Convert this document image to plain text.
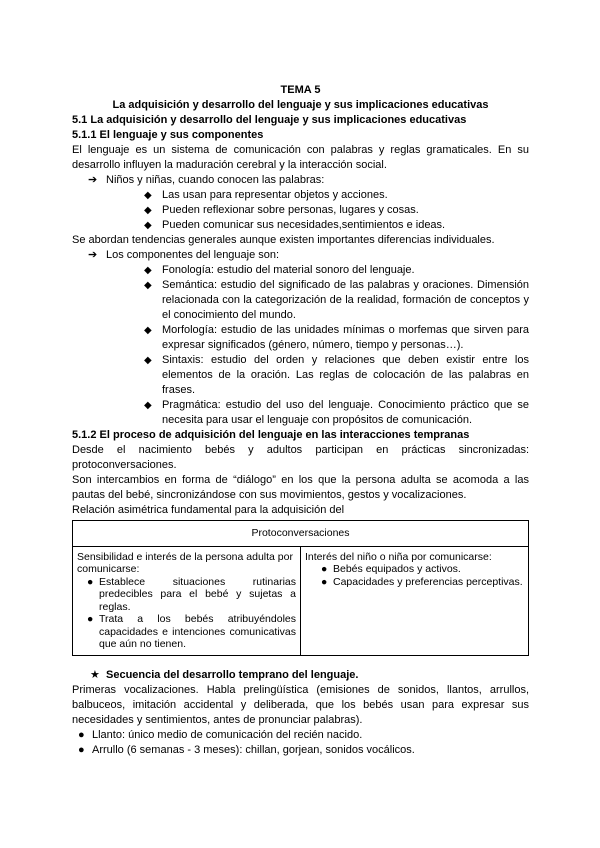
TEMA 5
La adquisición y desarrollo del lenguaje y sus implicaciones educativas
5.1 La adquisición y desarrollo del lenguaje y sus implicaciones educativas
5.1.1 El lenguaje y sus componentes

El lenguaje es un sistema de comunicación con palabras y reglas gramaticales. En su desarrollo influyen la maduración cerebral y la interacción social.

➔ Niños y niñas, cuando conocen las palabras:
◆ Las usan para representar objetos y acciones.
◆ Pueden reflexionar sobre personas, lugares y cosas.
◆ Pueden comunicar sus necesidades,sentimientos e ideas.

Se abordan tendencias generales aunque existen importantes diferencias individuales.

➔ Los componentes del lenguaje son:
◆ Fonología: estudio del material sonoro del lenguaje.
◆ Semántica: estudio del significado de las palabras y oraciones. Dimensión relacionada con la categorización de la realidad, formación de conceptos y el conocimiento del mundo.
◆ Morfología: estudio de las unidades mínimas o morfemas que sirven para expresar significados (género, número, tiempo y personas…).
◆ Sintaxis: estudio del orden y relaciones que deben existir entre los elementos de la oración. Las reglas de colocación de las palabras en frases.
◆ Pragmática: estudio del uso del lenguaje. Conocimiento práctico que se necesita para usar el lenguaje con propósitos de comunicación.
5.1.2 El proceso de adquisición del lenguaje en las interacciones tempranas

Desde el nacimiento bebés y adultos participan en prácticas sincronizadas: protoconversaciones.

Son intercambios en forma de “diálogo” en los que la persona adulta se acomoda a las pautas del bebé, sincronizándose con sus movimientos, gestos y vocalizaciones.

Relación asimétrica fundamental para la adquisición del

Protoconversaciones

Sensibilidad e interés de la persona adulta por comunicarse:
● Establece situaciones rutinarias predecibles para el bebé y sujetas a reglas.
● Trata a los bebés atribuyéndoles capacidades e intenciones comunicativas que aún no tienen.

Interés del niño o niña por comunicarse:
● Bebés equipados y activos.
● Capacidades y preferencias perceptivas.
★ Secuencia del desarrollo temprano del lenguaje.

Primeras vocalizaciones. Habla prelingüística (emisiones de sonidos, llantos, arrullos, balbuceos, imitación accidental y deliberada, que los bebés usan para expresar sus necesidades y sentimientos, antes de pronunciar palabras).

● Llanto: único medio de comunicación del recién nacido.
● Arrullo (6 semanas - 3 meses): chillan, gorjean, sonidos vocálicos.
